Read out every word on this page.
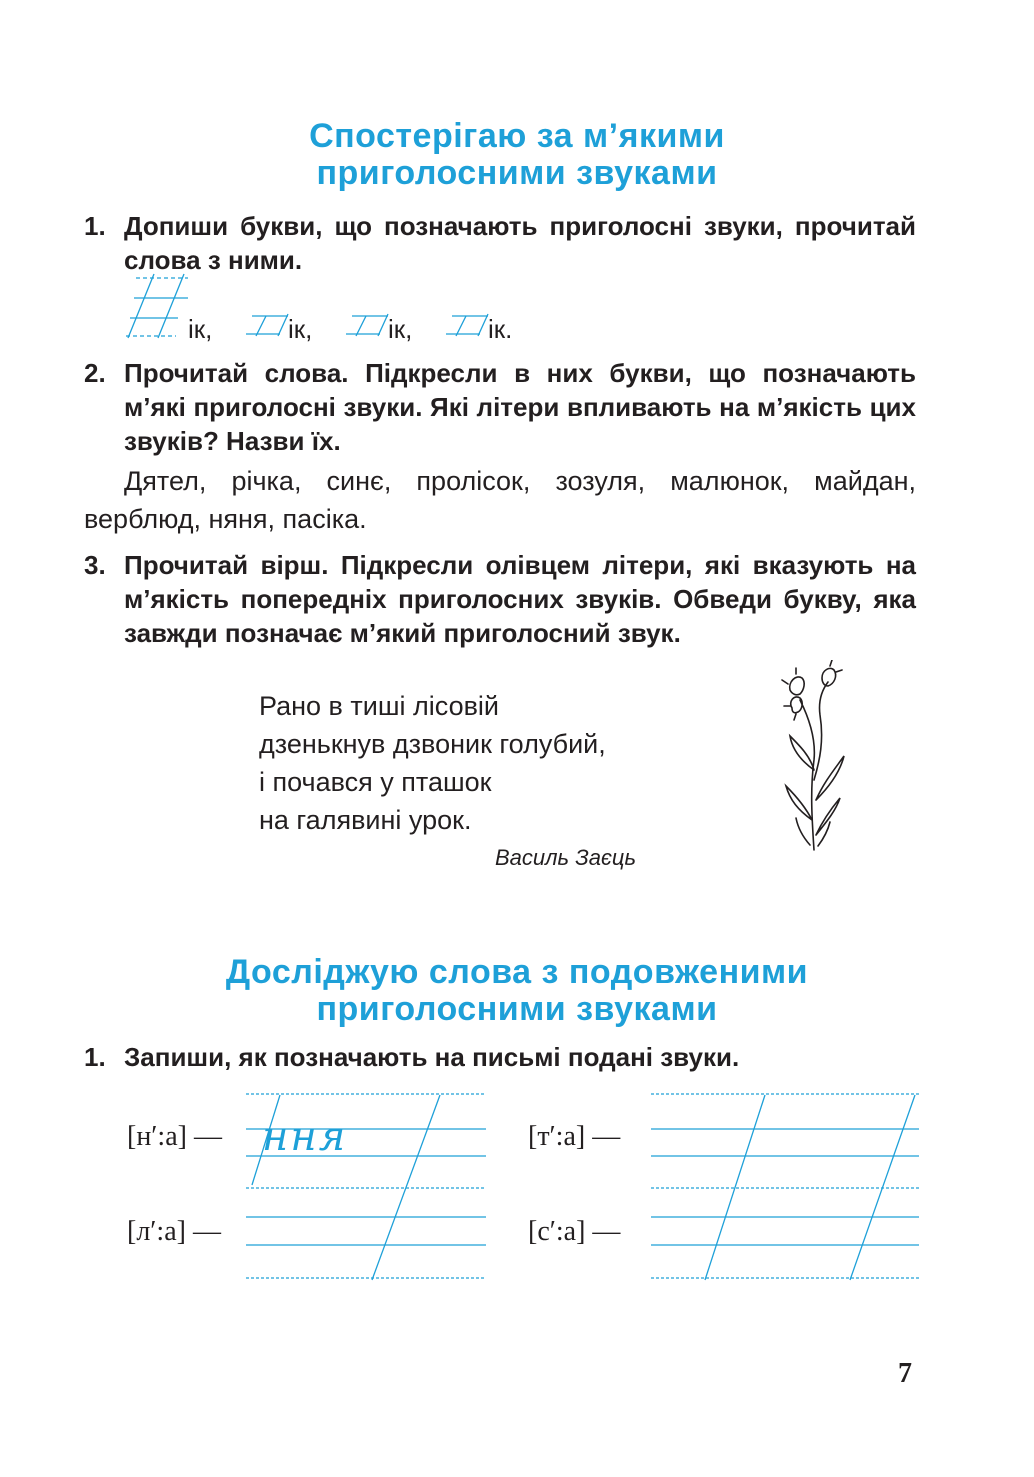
Спостерігаю за м’якими
приголосними звуками
1. Допиши букви, що позначають приголосні звуки, прочитай слова з ними.
ік,	ік,	ік,	ік.
2. Прочитай слова. Підкресли в них букви, що позначають м’які приголосні звуки. Які літери впливають на м’якість цих звуків? Назви їх.
Дятел, річка, синє, пролісок, зозуля, малюнок, майдан, верблюд, няня, пасіка.
3. Прочитай вірш. Підкресли олівцем літери, які вказують на м’якість попередніх приголосних звуків. Обведи букву, яка завжди позначає м’який приголосний звук.
Рано в тиші лісовій
дзенькнув дзвоник голубий,
і почався у пташок
на галявині урок.
Василь Заєць
Досліджую слова з подовженими
приголосними звуками
1. Запиши, як позначають на письмі подані звуки.
[н′:а] —	[т′:а] —
[л′:а] —	[с′:а] —
ння
7
